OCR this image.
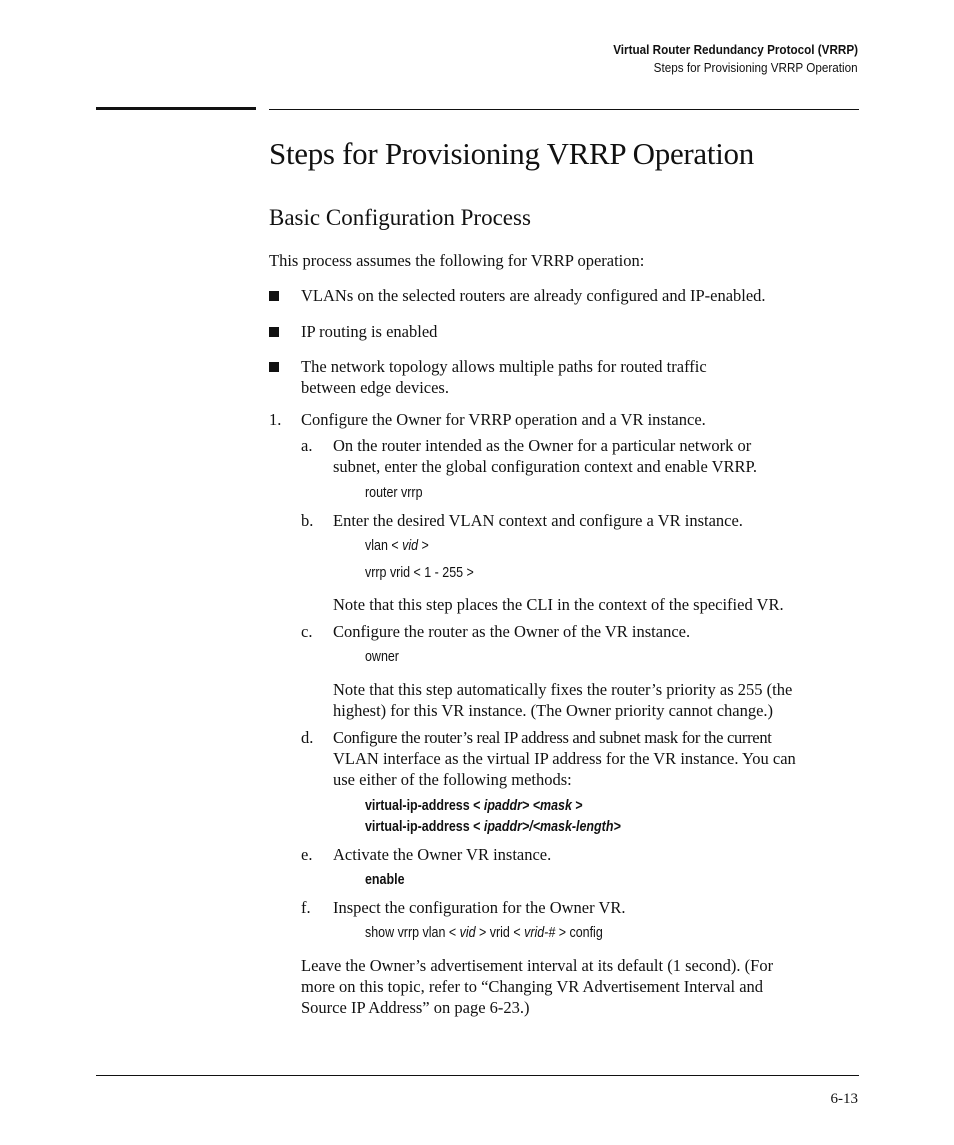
Virtual Router Redundancy Protocol (VRRP)
Steps for Provisioning VRRP Operation
Steps for Provisioning VRRP Operation
Basic Configuration Process
This process assumes the following for VRRP operation:
VLANs on the selected routers are already configured and IP-enabled.
IP routing is enabled
The network topology allows multiple paths for routed traffic
between edge devices.
1. Configure the Owner for VRRP operation and a VR instance.
a. On the router intended as the Owner for a particular network or
subnet, enter the global configuration context and enable VRRP.
router vrrp
b. Enter the desired VLAN context and configure a VR instance.
vlan < vid >
vrrp vrid < 1 - 255 >
Note that this step places the CLI in the context of the specified VR.
c. Configure the router as the Owner of the VR instance.
owner
Note that this step automatically fixes the router’s priority as 255 (the
highest) for this VR instance. (The Owner priority cannot change.)
d. Configure the router’s real IP address and subnet mask for the current
VLAN interface as the virtual IP address for the VR instance. You can
use either of the following methods:
virtual-ip-address < ipaddr> <mask >
virtual-ip-address < ipaddr>/<mask-length>
e. Activate the Owner VR instance.
enable
f. Inspect the configuration for the Owner VR.
show vrrp vlan < vid > vrid < vrid-# > config
Leave the Owner’s advertisement interval at its default (1 second). (For
more on this topic, refer to “Changing VR Advertisement Interval and
Source IP Address” on page 6-23.)
6-13
